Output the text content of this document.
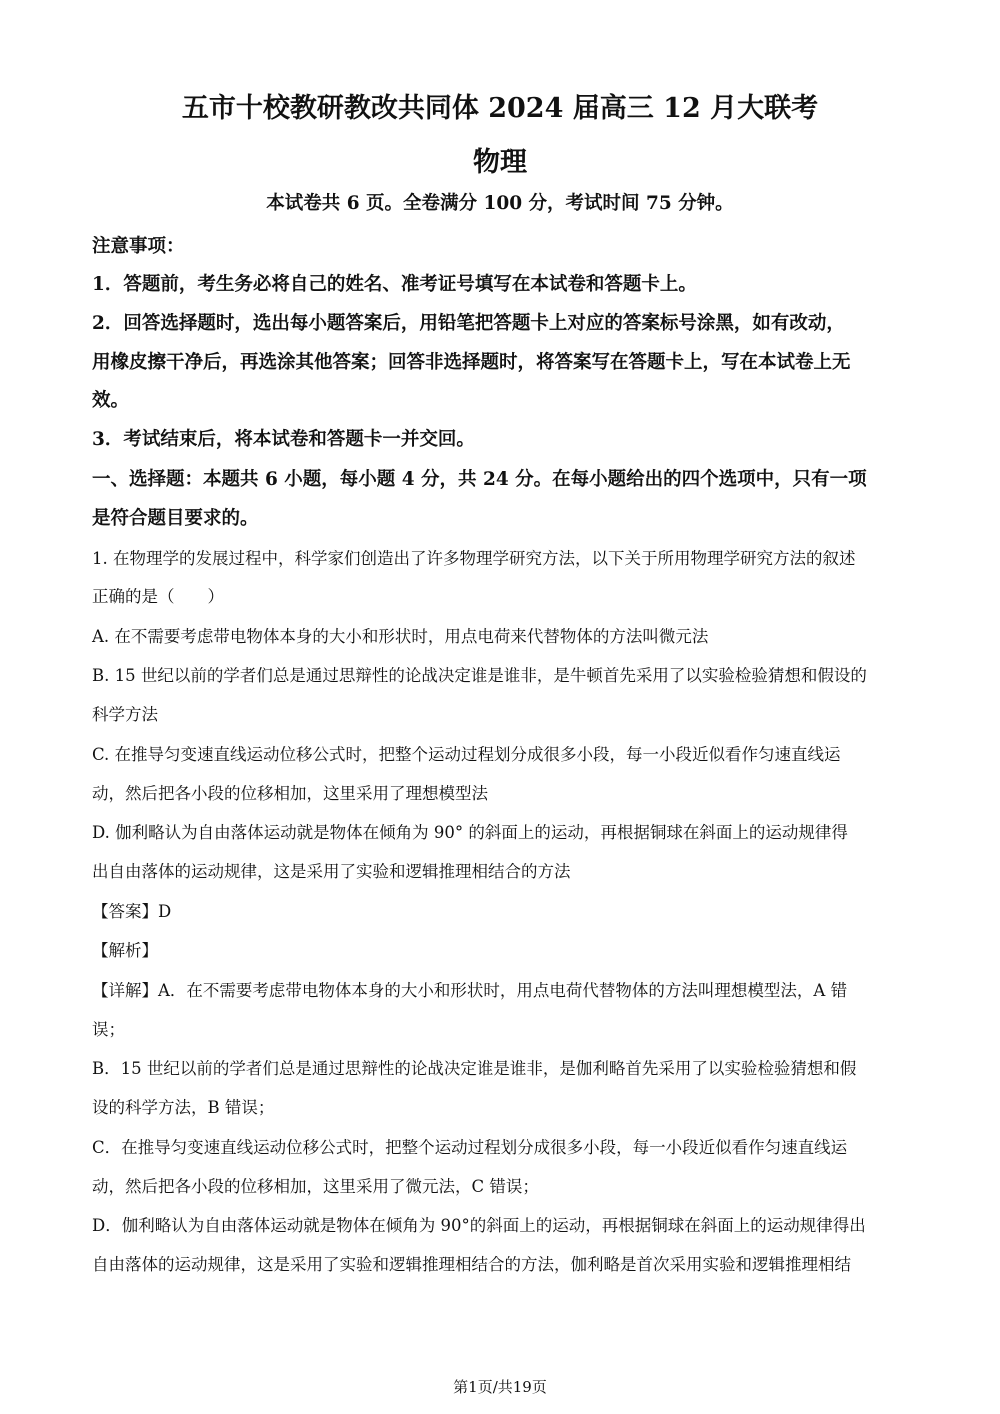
五市十校教研教改共同体 2024 届高三 12 月大联考
物理
本试卷共 6 页。全卷满分 100 分，考试时间 75 分钟。
注意事项：
1．答题前，考生务必将自己的姓名、准考证号填写在本试卷和答题卡上。
2．回答选择题时，选出每小题答案后，用铅笔把答题卡上对应的答案标号涂黑，如有改动，
用橡皮擦干净后，再选涂其他答案；回答非选择题时，将答案写在答题卡上，写在本试卷上无
效。
3．考试结束后，将本试卷和答题卡一并交回。
一、选择题：本题共 6 小题，每小题 4 分，共 24 分。在每小题给出的四个选项中，只有一项
是符合题目要求的。
1. 在物理学的发展过程中，科学家们创造出了许多物理学研究方法，以下关于所用物理学研究方法的叙述
正确的是（　　）
A. 在不需要考虑带电物体本身的大小和形状时，用点电荷来代替物体的方法叫微元法
B. 15 世纪以前的学者们总是通过思辩性的论战决定谁是谁非，是牛顿首先采用了以实验检验猜想和假设的
科学方法
C. 在推导匀变速直线运动位移公式时，把整个运动过程划分成很多小段，每一小段近似看作匀速直线运
动，然后把各小段的位移相加，这里采用了理想模型法
D. 伽利略认为自由落体运动就是物体在倾角为 90° 的斜面上的运动，再根据铜球在斜面上的运动规律得
出自由落体的运动规律，这是采用了实验和逻辑推理相结合的方法
【答案】D
【解析】
【详解】A．在不需要考虑带电物体本身的大小和形状时，用点电荷代替物体的方法叫理想模型法，A 错
误；
B．15 世纪以前的学者们总是通过思辩性的论战决定谁是谁非，是伽利略首先采用了以实验检验猜想和假
设的科学方法，B 错误；
C．在推导匀变速直线运动位移公式时，把整个运动过程划分成很多小段，每一小段近似看作匀速直线运
动，然后把各小段的位移相加，这里采用了微元法，C 错误；
D．伽利略认为自由落体运动就是物体在倾角为 90°的斜面上的运动，再根据铜球在斜面上的运动规律得出
自由落体的运动规律，这是采用了实验和逻辑推理相结合的方法，伽利略是首次采用实验和逻辑推理相结
第1页/共19页
